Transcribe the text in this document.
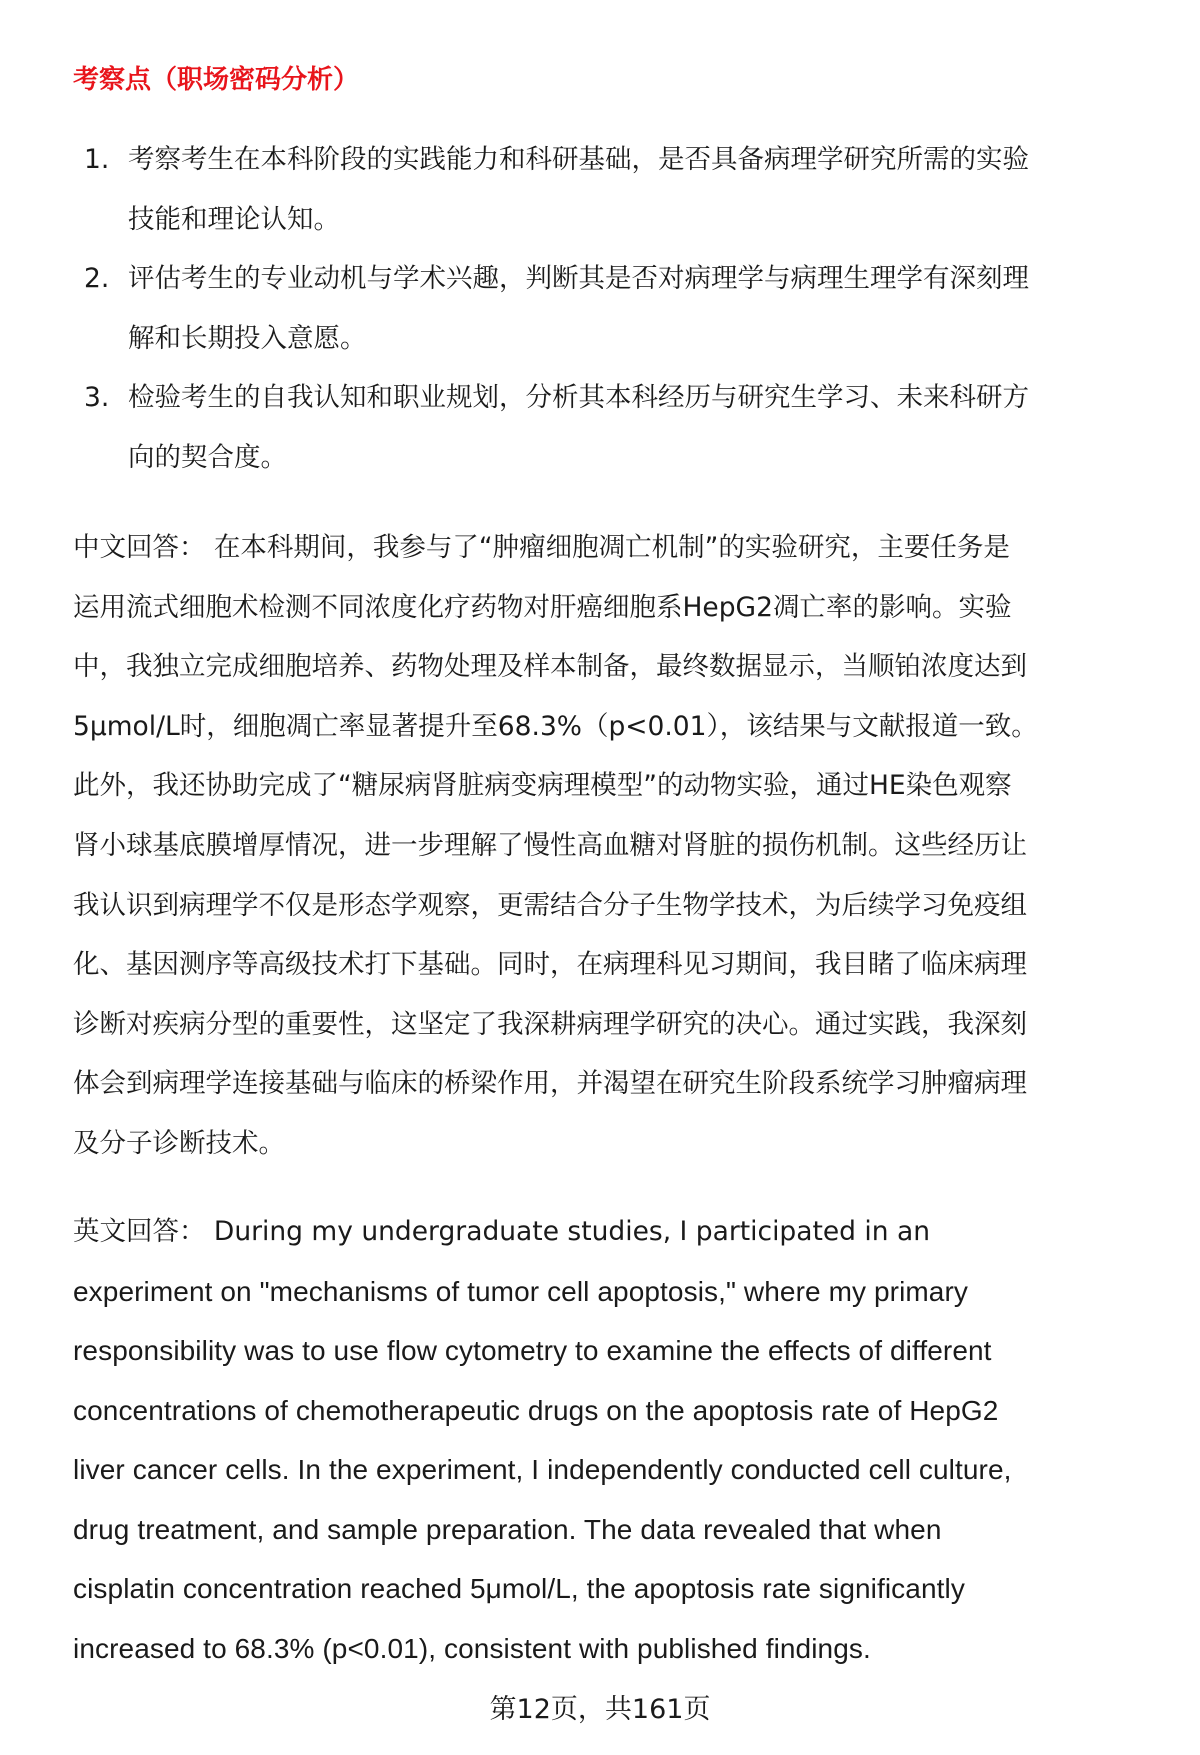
考察点（职场密码分析）
1. 考察考生在本科阶段的实践能力和科研基础，是否具备病理学研究所需的实验
技能和理论认知。
2. 评估考生的专业动机与学术兴趣，判断其是否对病理学与病理生理学有深刻理
解和长期投入意愿。
3. 检验考生的自我认知和职业规划，分析其本科经历与研究生学习、未来科研方
向的契合度。
中文回答： 在本科期间，我参与了“肿瘤细胞凋亡机制”的实验研究，主要任务是
运用流式细胞术检测不同浓度化疗药物对肝癌细胞系HepG2凋亡率的影响。实验
中，我独立完成细胞培养、药物处理及样本制备，最终数据显示，当顺铂浓度达到
5μmol/L时，细胞凋亡率显著提升至68.3%（p<0.01），该结果与文献报道一致。
此外，我还协助完成了“糖尿病肾脏病变病理模型”的动物实验，通过HE染色观察
肾小球基底膜增厚情况，进一步理解了慢性高血糖对肾脏的损伤机制。这些经历让
我认识到病理学不仅是形态学观察，更需结合分子生物学技术，为后续学习免疫组
化、基因测序等高级技术打下基础。同时，在病理科见习期间，我目睹了临床病理
诊断对疾病分型的重要性，这坚定了我深耕病理学研究的决心。通过实践，我深刻
体会到病理学连接基础与临床的桥梁作用，并渴望在研究生阶段系统学习肿瘤病理
及分子诊断技术。
英文回答： During my undergraduate studies, I participated in an
experiment on "mechanisms of tumor cell apoptosis," where my primary
responsibility was to use flow cytometry to examine the effects of different
concentrations of chemotherapeutic drugs on the apoptosis rate of HepG2
liver cancer cells. In the experiment, I independently conducted cell culture,
drug treatment, and sample preparation. The data revealed that when
cisplatin concentration reached 5μmol/L, the apoptosis rate significantly
increased to 68.3% (p<0.01), consistent with published findings.
第12页，共161页
